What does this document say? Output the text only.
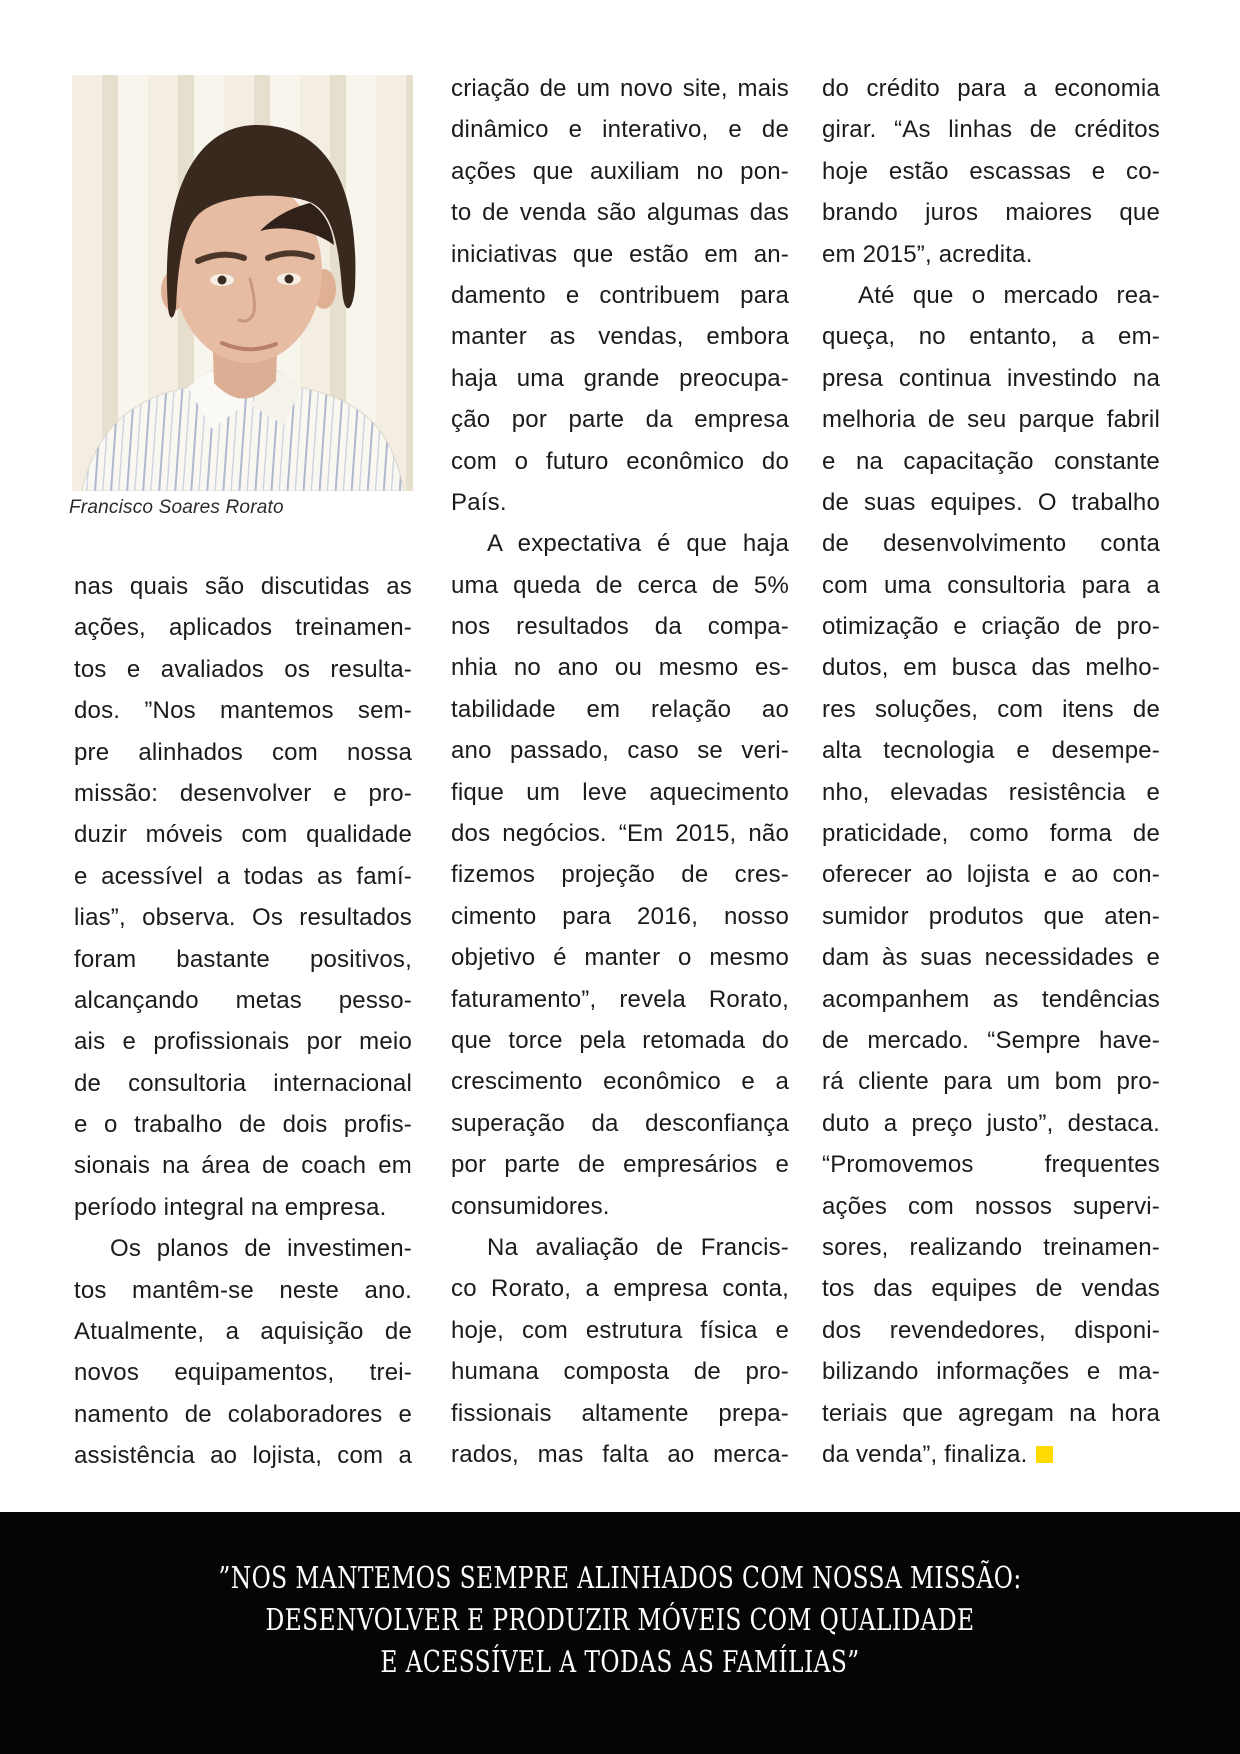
Francisco Soares Rorato
nas quais são discutidas as
ações, aplicados treinamen-
tos e avaliados os resulta-
dos. ”Nos mantemos sem-
pre alinhados com nossa
missão: desenvolver e pro-
duzir móveis com qualidade
e acessível a todas as famí-
lias”, observa. Os resultados
foram bastante positivos,
alcançando metas pesso-
ais e profissionais por meio
de consultoria internacional
e o trabalho de dois profis-
sionais na área de coach em
período integral na empresa.
Os planos de investimen-
tos mantêm-se neste ano.
Atualmente, a aquisição de
novos equipamentos, trei-
namento de colaboradores e
assistência ao lojista, com a
criação de um novo site, mais
dinâmico e interativo, e de
ações que auxiliam no pon-
to de venda são algumas das
iniciativas que estão em an-
damento e contribuem para
manter as vendas, embora
haja uma grande preocupa-
ção por parte da empresa
com o futuro econômico do
País.
A expectativa é que haja
uma queda de cerca de 5%
nos resultados da compa-
nhia no ano ou mesmo es-
tabilidade em relação ao
ano passado, caso se veri-
fique um leve aquecimento
dos negócios. “Em 2015, não
fizemos projeção de cres-
cimento para 2016, nosso
objetivo é manter o mesmo
faturamento”, revela Rorato,
que torce pela retomada do
crescimento econômico e a
superação da desconfiança
por parte de empresários e
consumidores.
Na avaliação de Francis-
co Rorato, a empresa conta,
hoje, com estrutura física e
humana composta de pro-
fissionais altamente prepa-
rados, mas falta ao merca-
do crédito para a economia
girar. “As linhas de créditos
hoje estão escassas e co-
brando juros maiores que
em 2015”, acredita.
Até que o mercado rea-
queça, no entanto, a em-
presa continua investindo na
melhoria de seu parque fabril
e na capacitação constante
de suas equipes. O trabalho
de desenvolvimento conta
com uma consultoria para a
otimização e criação de pro-
dutos, em busca das melho-
res soluções, com itens de
alta tecnologia e desempe-
nho, elevadas resistência e
praticidade, como forma de
oferecer ao lojista e ao con-
sumidor produtos que aten-
dam às suas necessidades e
acompanhem as tendências
de mercado. “Sempre have-
rá cliente para um bom pro-
duto a preço justo”, destaca.
“Promovemos frequentes
ações com nossos supervi-
sores, realizando treinamen-
tos das equipes de vendas
dos revendedores, disponi-
bilizando informações e ma-
teriais que agregam na hora
da venda”, finaliza.
”NOS MANTEMOS SEMPRE ALINHADOS COM NOSSA MISSÃO:
DESENVOLVER E PRODUZIR MÓVEIS COM QUALIDADE
E ACESSÍVEL A TODAS AS FAMÍLIAS”
